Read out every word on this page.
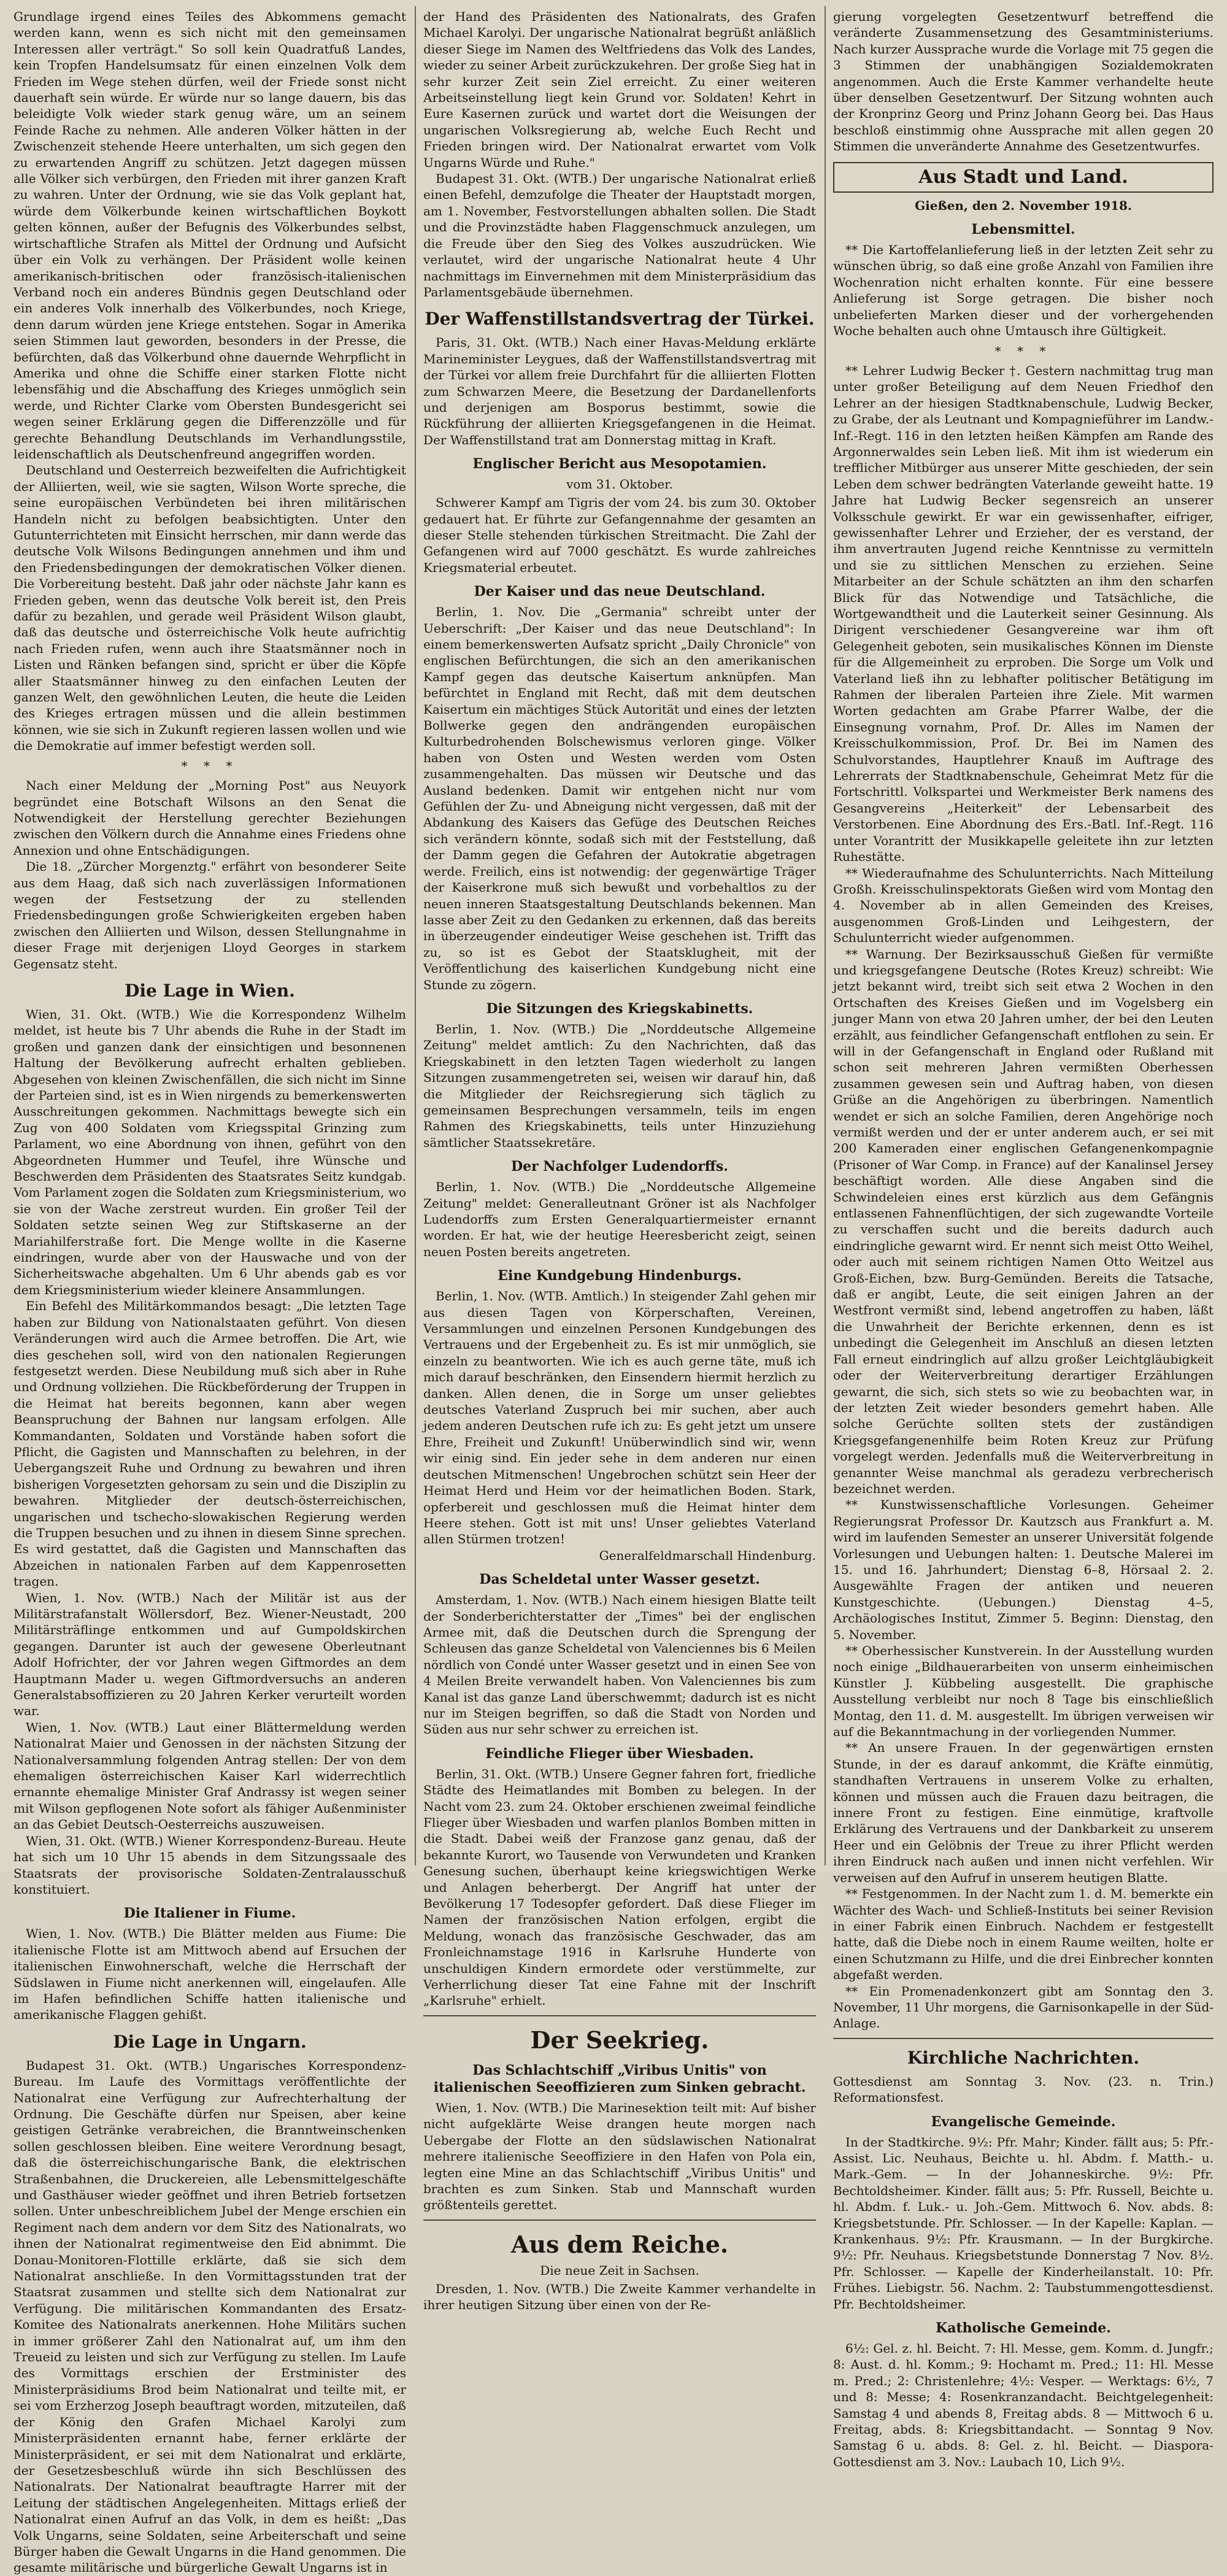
Grundlage irgend eines Teiles des Abkommens gemacht werden kann, wenn es sich nicht mit den gemeinsamen Interessen aller verträgt." So soll kein Quadratfuß Landes, kein Tropfen Handelsumsatz für einen einzelnen Volk dem Frieden im Wege stehen dürfen, weil der Friede sonst nicht dauerhaft sein würde. Er würde nur so lange dauern, bis das beleidigte Volk wieder stark genug wäre, um an seinem Feinde Rache zu nehmen. Alle anderen Völker hätten in der Zwischenzeit stehende Heere unterhalten, um sich gegen den zu erwartenden Angriff zu schützen. Jetzt dagegen müssen alle Völker sich verbürgen, den Frieden mit ihrer ganzen Kraft zu wahren. Unter der Ordnung, wie sie das Volk geplant hat, würde dem Völkerbunde keinen wirtschaftlichen Boykott gelten können, außer der Befugnis des Völkerbundes selbst, wirtschaftliche Strafen als Mittel der Ordnung und Aufsicht über ein Volk zu verhängen. Der Präsident wolle keinen amerikanisch-britischen oder französisch-italienischen Verband noch ein anderes Bündnis gegen Deutschland oder ein anderes Volk innerhalb des Völkerbundes, noch Kriege, denn darum würden jene Kriege entstehen. Sogar in Amerika seien Stimmen laut geworden, besonders in der Presse, die befürchten, daß das Völkerbund ohne dauernde Wehrpflicht in Amerika und ohne die Schiffe einer starken Flotte nicht lebensfähig und die Abschaffung des Krieges unmöglich sein werde, und Richter Clarke vom Obersten Bundesgericht sei wegen seiner Erklärung gegen die Differenzzölle und für gerechte Behandlung Deutschlands im Verhandlungsstile, leidenschaftlich als Deutschenfreund angegriffen worden.

Deutschland und Oesterreich bezweifelten die Aufrichtigkeit der Alliierten, weil, wie sie sagten, Wilson Worte spreche, die seine europäischen Verbündeten bei ihren militärischen Handeln nicht zu befolgen beabsichtigten. Unter den Gutunterrichteten mit Einsicht herrschen, mir dann werde das deutsche Volk Wilsons Bedingungen annehmen und ihm und den Friedensbedingungen der demokratischen Völker dienen. Die Vorbereitung besteht. Daß jahr oder nächste Jahr kann es Frieden geben, wenn das deutsche Volk bereit ist, den Preis dafür zu bezahlen, und gerade weil Präsident Wilson glaubt, daß das deutsche und österreichische Volk heute aufrichtig nach Frieden rufen, wenn auch ihre Staatsmänner noch in Listen und Ränken befangen sind, spricht er über die Köpfe aller Staatsmänner hinweg zu den einfachen Leuten der ganzen Welt, den gewöhnlichen Leuten, die heute die Leiden des Krieges ertragen müssen und die allein bestimmen können, wie sie sich in Zukunft regieren lassen wollen und wie die Demokratie auf immer befestigt werden soll.

* * *

Nach einer Meldung der „Morning Post" aus Neuyork begründet eine Botschaft Wilsons an den Senat die Notwendigkeit der Herstellung gerechter Beziehungen zwischen den Völkern durch die Annahme eines Friedens ohne Annexion und ohne Entschädigungen.

Die 18. „Zürcher Morgenztg." erfährt von besonderer Seite aus dem Haag, daß sich nach zuverlässigen Informationen wegen der Festsetzung der zu stellenden Friedensbedingungen große Schwierigkeiten ergeben haben zwischen den Alliierten und Wilson, dessen Stellungnahme in dieser Frage mit derjenigen Lloyd Georges in starkem Gegensatz steht.

Die Lage in Wien.

Wien, 31. Okt. (WTB.) Wie die Korrespondenz Wilhelm meldet, ist heute bis 7 Uhr abends die Ruhe in der Stadt im großen und ganzen dank der einsichtigen und besonnenen Haltung der Bevölkerung aufrecht erhalten geblieben. Abgesehen von kleinen Zwischenfällen, die sich nicht im Sinne der Parteien sind, ist es in Wien nirgends zu bemerkenswerten Ausschreitungen gekommen. Nachmittags bewegte sich ein Zug von 400 Soldaten vom Kriegsspital Grinzing zum Parlament, wo eine Abordnung von ihnen, geführt von den Abgeordneten Hummer und Teufel, ihre Wünsche und Beschwerden dem Präsidenten des Staatsrates Seitz kundgab. Vom Parlament zogen die Soldaten zum Kriegsministerium, wo sie von der Wache zerstreut wurden. Ein großer Teil der Soldaten setzte seinen Weg zur Stiftskaserne an der Mariahilferstraße fort. Die Menge wollte in die Kaserne eindringen, wurde aber von der Hauswache und von der Sicherheitswache abgehalten. Um 6 Uhr abends gab es vor dem Kriegsministerium wieder kleinere Ansammlungen.

Ein Befehl des Militärkommandos besagt: „Die letzten Tage haben zur Bildung von Nationalstaaten geführt. Von diesen Veränderungen wird auch die Armee betroffen. Die Art, wie dies geschehen soll, wird von den nationalen Regierungen festgesetzt werden. Diese Neubildung muß sich aber in Ruhe und Ordnung vollziehen. Die Rückbeförderung der Truppen in die Heimat hat bereits begonnen, kann aber wegen Beanspruchung der Bahnen nur langsam erfolgen. Alle Kommandanten, Soldaten und Vorstände haben sofort die Pflicht, die Gagisten und Mannschaften zu belehren, in der Uebergangszeit Ruhe und Ordnung zu bewahren und ihren bisherigen Vorgesetzten gehorsam zu sein und die Disziplin zu bewahren. Mitglieder der deutsch-österreichischen, ungarischen und tschecho-slowakischen Regierung werden die Truppen besuchen und zu ihnen in diesem Sinne sprechen. Es wird gestattet, daß die Gagisten und Mannschaften das Abzeichen in nationalen Farben auf dem Kappenrosetten tragen.

Wien, 1. Nov. (WTB.) Nach der Militär ist aus der Militärstrafanstalt Wöllersdorf, Bez. Wiener-Neustadt, 200 Militärsträflinge entkommen und auf Gumpoldskirchen gegangen. Darunter ist auch der gewesene Oberleutnant Adolf Hofrichter, der vor Jahren wegen Giftmordes an dem Hauptmann Mader u. wegen Giftmordversuchs an anderen Generalstabsoffizieren zu 20 Jahren Kerker verurteilt worden war.

Wien, 1. Nov. (WTB.) Laut einer Blättermeldung werden Nationalrat Maier und Genossen in der nächsten Sitzung der Nationalversammlung folgenden Antrag stellen: Der von dem ehemaligen österreichischen Kaiser Karl widerrechtlich ernannte ehemalige Minister Graf Andrassy ist wegen seiner mit Wilson gepflogenen Note sofort als fähiger Außenminister an das Gebiet Deutsch-Oesterreichs auszuweisen.

Wien, 31. Okt. (WTB.) Wiener Korrespondenz-Bureau. Heute hat sich um 10 Uhr 15 abends in dem Sitzungssaale des Staatsrats der provisorische Soldaten-Zentralausschuß konstituiert.

Die Italiener in Fiume.

Wien, 1. Nov. (WTB.) Die Blätter melden aus Fiume: Die italienische Flotte ist am Mittwoch abend auf Ersuchen der italienischen Einwohnerschaft, welche die Herrschaft der Südslawen in Fiume nicht anerkennen will, eingelaufen. Alle im Hafen befindlichen Schiffe hatten italienische und amerikanische Flaggen gehißt.

Die Lage in Ungarn.

Budapest 31. Okt. (WTB.) Ungarisches Korrespondenz-Bureau. Im Laufe des Vormittags veröffentlichte der Nationalrat eine Verfügung zur Aufrechterhaltung der Ordnung. Die Geschäfte dürfen nur Speisen, aber keine geistigen Getränke verabreichen, die Branntweinschenken sollen geschlossen bleiben. Eine weitere Verordnung besagt, daß die österreichischungarische Bank, die elektrischen Straßenbahnen, die Druckereien, alle Lebensmittelgeschäfte und Gasthäuser wieder geöffnet und ihren Betrieb fortsetzen sollen. Unter unbeschreiblichem Jubel der Menge erschien ein Regiment nach dem andern vor dem Sitz des Nationalrats, wo ihnen der Nationalrat regimentweise den Eid abnimmt. Die Donau-Monitoren-Flottille erklärte, daß sie sich dem Nationalrat anschließe. In den Vormittagsstunden trat der Staatsrat zusammen und stellte sich dem Nationalrat zur Verfügung. Die militärischen Kommandanten des Ersatz-Komitee des Nationalrats anerkennen. Hohe Militärs suchen in immer größerer Zahl den Nationalrat auf, um ihm den Treueid zu leisten und sich zur Verfügung zu stellen. Im Laufe des Vormittags erschien der Erstminister des Ministerpräsidiums Brod beim Nationalrat und teilte mit, er sei vom Erzherzog Joseph beauftragt worden, mitzuteilen, daß der König den Grafen Michael Karolyi zum Ministerpräsidenten ernannt habe, ferner erklärte der Ministerpräsident, er sei mit dem Nationalrat und erklärte, der Gesetzesbeschluß würde ihn sich Beschlüssen des Nationalrats. Der Nationalrat beauftragte Harrer mit der Leitung der städtischen Angelegenheiten. Mittags erließ der Nationalrat einen Aufruf an das Volk, in dem es heißt: „Das Volk Ungarns, seine Soldaten, seine Arbeiterschaft und seine Bürger haben die Gewalt Ungarns in die Hand genommen. Die gesamte militärische und bürgerliche Gewalt Ungarns ist in

der Hand des Präsidenten des Nationalrats, des Grafen Michael Karolyi. Der ungarische Nationalrat begrüßt anläßlich dieser Siege im Namen des Weltfriedens das Volk des Landes, wieder zu seiner Arbeit zurückzukehren. Der große Sieg hat in sehr kurzer Zeit sein Ziel erreicht. Zu einer weiteren Arbeitseinstellung liegt kein Grund vor. Soldaten! Kehrt in Eure Kasernen zurück und wartet dort die Weisungen der ungarischen Volksregierung ab, welche Euch Recht und Frieden bringen wird. Der Nationalrat erwartet vom Volk Ungarns Würde und Ruhe."

Budapest 31. Okt. (WTB.) Der ungarische Nationalrat erließ einen Befehl, demzufolge die Theater der Hauptstadt morgen, am 1. November, Festvorstellungen abhalten sollen. Die Stadt und die Provinzstädte haben Flaggenschmuck anzulegen, um die Freude über den Sieg des Volkes auszudrücken. Wie verlautet, wird der ungarische Nationalrat heute 4 Uhr nachmittags im Einvernehmen mit dem Ministerpräsidium das Parlamentsgebäude übernehmen.

Der Waffenstillstandsvertrag der Türkei.

Paris, 31. Okt. (WTB.) Nach einer Havas-Meldung erklärte Marineminister Leygues, daß der Waffenstillstandsvertrag mit der Türkei vor allem freie Durchfahrt für die alliierten Flotten zum Schwarzen Meere, die Besetzung der Dardanellenforts und derjenigen am Bosporus bestimmt, sowie die Rückführung der alliierten Kriegsgefangenen in die Heimat. Der Waffenstillstand trat am Donnerstag mittag in Kraft.

Englischer Bericht aus Mesopotamien.
vom 31. Oktober.

Schwerer Kampf am Tigris der vom 24. bis zum 30. Oktober gedauert hat. Er führte zur Gefangennahme der gesamten an dieser Stelle stehenden türkischen Streitmacht. Die Zahl der Gefangenen wird auf 7000 geschätzt. Es wurde zahlreiches Kriegsmaterial erbeutet.

Der Kaiser und das neue Deutschland.

Berlin, 1. Nov. Die „Germania" schreibt unter der Ueberschrift: „Der Kaiser und das neue Deutschland": In einem bemerkenswerten Aufsatz spricht „Daily Chronicle" von englischen Befürchtungen, die sich an den amerikanischen Kampf gegen das deutsche Kaisertum anknüpfen. Man befürchtet in England mit Recht, daß mit dem deutschen Kaisertum ein mächtiges Stück Autorität und eines der letzten Bollwerke gegen den andrängenden europäischen Kulturbedrohenden Bolschewismus verloren ginge. Völker haben von Osten und Westen werden vom Osten zusammengehalten. Das müssen wir Deutsche und das Ausland bedenken. Damit wir entgehen nicht nur vom Gefühlen der Zu- und Abneigung nicht vergessen, daß mit der Abdankung des Kaisers das Gefüge des Deutschen Reiches sich verändern könnte, sodaß sich mit der Feststellung, daß der Damm gegen die Gefahren der Autokratie abgetragen werde. Freilich, eins ist notwendig: der gegenwärtige Träger der Kaiserkrone muß sich bewußt und vorbehaltlos zu der neuen inneren Staatsgestaltung Deutschlands bekennen. Man lasse aber Zeit zu den Gedanken zu erkennen, daß das bereits in überzeugender eindeutiger Weise geschehen ist. Trifft das zu, so ist es Gebot der Staatsklugheit, mit der Veröffentlichung des kaiserlichen Kundgebung nicht eine Stunde zu zögern.

Die Sitzungen des Kriegskabinetts.

Berlin, 1. Nov. (WTB.) Die „Norddeutsche Allgemeine Zeitung" meldet amtlich: Zu den Nachrichten, daß das Kriegskabinett in den letzten Tagen wiederholt zu langen Sitzungen zusammengetreten sei, weisen wir darauf hin, daß die Mitglieder der Reichsregierung sich täglich zu gemeinsamen Besprechungen versammeln, teils im engen Rahmen des Kriegskabinetts, teils unter Hinzuziehung sämtlicher Staatssekretäre.

Der Nachfolger Ludendorffs.

Berlin, 1. Nov. (WTB.) Die „Norddeutsche Allgemeine Zeitung" meldet: Generalleutnant Gröner ist als Nachfolger Ludendorffs zum Ersten Generalquartiermeister ernannt worden. Er hat, wie der heutige Heeresbericht zeigt, seinen neuen Posten bereits angetreten.

Eine Kundgebung Hindenburgs.

Berlin, 1. Nov. (WTB. Amtlich.) In steigender Zahl gehen mir aus diesen Tagen von Körperschaften, Vereinen, Versammlungen und einzelnen Personen Kundgebungen des Vertrauens und der Ergebenheit zu. Es ist mir unmöglich, sie einzeln zu beantworten. Wie ich es auch gerne täte, muß ich mich darauf beschränken, den Einsendern hiermit herzlich zu danken. Allen denen, die in Sorge um unser geliebtes deutsches Vaterland Zuspruch bei mir suchen, aber auch jedem anderen Deutschen rufe ich zu: Es geht jetzt um unsere Ehre, Freiheit und Zukunft! Unüberwindlich sind wir, wenn wir einig sind. Ein jeder sehe in dem anderen nur einen deutschen Mitmenschen! Ungebrochen schützt sein Heer der Heimat Herd und Heim vor der heimatlichen Boden. Stark, opferbereit und geschlossen muß die Heimat hinter dem Heere stehen. Gott ist mit uns! Unser geliebtes Vaterland allen Stürmen trotzen!

Generalfeldmarschall Hindenburg.

Das Scheldetal unter Wasser gesetzt.

Amsterdam, 1. Nov. (WTB.) Nach einem hiesigen Blatte teilt der Sonderberichterstatter der „Times" bei der englischen Armee mit, daß die Deutschen durch die Sprengung der Schleusen das ganze Scheldetal von Valenciennes bis 6 Meilen nördlich von Condé unter Wasser gesetzt und in einen See von 4 Meilen Breite verwandelt haben. Von Valenciennes bis zum Kanal ist das ganze Land überschwemmt; dadurch ist es nicht nur im Steigen begriffen, so daß die Stadt von Norden und Süden aus nur sehr schwer zu erreichen ist.

Feindliche Flieger über Wiesbaden.

Berlin, 31. Okt. (WTB.) Unsere Gegner fahren fort, friedliche Städte des Heimatlandes mit Bomben zu belegen. In der Nacht vom 23. zum 24. Oktober erschienen zweimal feindliche Flieger über Wiesbaden und warfen planlos Bomben mitten in die Stadt. Dabei weiß der Franzose ganz genau, daß der bekannte Kurort, wo Tausende von Verwundeten und Kranken Genesung suchen, überhaupt keine kriegswichtigen Werke und Anlagen beherbergt. Der Angriff hat unter der Bevölkerung 17 Todesopfer gefordert. Daß diese Flieger im Namen der französischen Nation erfolgen, ergibt die Meldung, wonach das französische Geschwader, das am Fronleichnamstage 1916 in Karlsruhe Hunderte von unschuldigen Kindern ermordete oder verstümmelte, zur Verherrlichung dieser Tat eine Fahne mit der Inschrift „Karlsruhe" erhielt.

Der Seekrieg.
Das Schlachtschiff „Viribus Unitis" von italienischen Seeoffizieren zum Sinken gebracht.

Wien, 1. Nov. (WTB.) Die Marinesektion teilt mit: Auf bisher nicht aufgeklärte Weise drangen heute morgen nach Uebergabe der Flotte an den südslawischen Nationalrat mehrere italienische Seeoffiziere in den Hafen von Pola ein, legten eine Mine an das Schlachtschiff „Viribus Unitis" und brachten es zum Sinken. Stab und Mannschaft wurden größtenteils gerettet.

Aus dem Reiche.
Die neue Zeit in Sachsen.

Dresden, 1. Nov. (WTB.) Die Zweite Kammer verhandelte in ihrer heutigen Sitzung über einen von der Re-

gierung vorgelegten Gesetzentwurf betreffend die veränderte Zusammensetzung des Gesamtministeriums. Nach kurzer Aussprache wurde die Vorlage mit 75 gegen die 3 Stimmen der unabhängigen Sozialdemokraten angenommen. Auch die Erste Kammer verhandelte heute über denselben Gesetzentwurf. Der Sitzung wohnten auch der Kronprinz Georg und Prinz Johann Georg bei. Das Haus beschloß einstimmig ohne Aussprache mit allen gegen 20 Stimmen die unveränderte Annahme des Gesetzentwurfes.

Aus Stadt und Land.
Gießen, den 2. November 1918.
Lebensmittel.

** Die Kartoffelanlieferung ließ in der letzten Zeit sehr zu wünschen übrig, so daß eine große Anzahl von Familien ihre Wochenration nicht erhalten konnte. Für eine bessere Anlieferung ist Sorge getragen. Die bisher noch unbelieferten Marken dieser und der vorhergehenden Woche behalten auch ohne Umtausch ihre Gültigkeit.

* * *

** Lehrer Ludwig Becker †. Gestern nachmittag trug man unter großer Beteiligung auf dem Neuen Friedhof den Lehrer an der hiesigen Stadtknabenschule, Ludwig Becker, zu Grabe, der als Leutnant und Kompagnieführer im Landw.-Inf.-Regt. 116 in den letzten heißen Kämpfen am Rande des Argonnerwaldes sein Leben ließ. Mit ihm ist wiederum ein trefflicher Mitbürger aus unserer Mitte geschieden, der sein Leben dem schwer bedrängten Vaterlande geweiht hatte. 19 Jahre hat Ludwig Becker segensreich an unserer Volksschule gewirkt. Er war ein gewissenhafter, eifriger, gewissenhafter Lehrer und Erzieher, der es verstand, der ihm anvertrauten Jugend reiche Kenntnisse zu vermitteln und sie zu sittlichen Menschen zu erziehen. Seine Mitarbeiter an der Schule schätzten an ihm den scharfen Blick für das Notwendige und Tatsächliche, die Wortgewandtheit und die Lauterkeit seiner Gesinnung. Als Dirigent verschiedener Gesangvereine war ihm oft Gelegenheit geboten, sein musikalisches Können im Dienste für die Allgemeinheit zu erproben. Die Sorge um Volk und Vaterland ließ ihn zu lebhafter politischer Betätigung im Rahmen der liberalen Parteien ihre Ziele. Mit warmen Worten gedachten am Grabe Pfarrer Walbe, der die Einsegnung vornahm, Prof. Dr. Alles im Namen der Kreisschulkommission, Prof. Dr. Bei im Namen des Schulvorstandes, Hauptlehrer Knauß im Auftrage des Lehrerrats der Stadtknabenschule, Geheimrat Metz für die Fortschrittl. Volkspartei und Werkmeister Berk namens des Gesangvereins „Heiterkeit" der Lebensarbeit des Verstorbenen. Eine Abordnung des Ers.-Batl. Inf.-Regt. 116 unter Vorantritt der Musikkapelle geleitete ihn zur letzten Ruhestätte.

** Wiederaufnahme des Schulunterrichts. Nach Mitteilung Großh. Kreisschulinspektorats Gießen wird vom Montag den 4. November ab in allen Gemeinden des Kreises, ausgenommen Groß-Linden und Leihgestern, der Schulunterricht wieder aufgenommen.

** Warnung. Der Bezirksausschuß Gießen für vermißte und kriegsgefangene Deutsche (Rotes Kreuz) schreibt: Wie jetzt bekannt wird, treibt sich seit etwa 2 Wochen in den Ortschaften des Kreises Gießen und im Vogelsberg ein junger Mann von etwa 20 Jahren umher, der bei den Leuten erzählt, aus feindlicher Gefangenschaft entflohen zu sein. Er will in der Gefangenschaft in England oder Rußland mit schon seit mehreren Jahren vermißten Oberhessen zusammen gewesen sein und Auftrag haben, von diesen Grüße an die Angehörigen zu überbringen. Namentlich wendet er sich an solche Familien, deren Angehörige noch vermißt werden und der er unter anderem auch, er sei mit 200 Kameraden einer englischen Gefangenenkompagnie (Prisoner of War Comp. in France) auf der Kanalinsel Jersey beschäftigt worden. Alle diese Angaben sind die Schwindeleien eines erst kürzlich aus dem Gefängnis entlassenen Fahnenflüchtigen, der sich zugewandte Vorteile zu verschaffen sucht und die bereits dadurch auch eindringliche gewarnt wird. Er nennt sich meist Otto Weihel, oder auch mit seinem richtigen Namen Otto Weitzel aus Groß-Eichen, bzw. Burg-Gemünden. Bereits die Tatsache, daß er angibt, Leute, die seit einigen Jahren an der Westfront vermißt sind, lebend angetroffen zu haben, läßt die Unwahrheit der Berichte erkennen, denn es ist unbedingt die Gelegenheit im Anschluß an diesen letzten Fall erneut eindringlich auf allzu großer Leichtgläubigkeit oder der Weiterverbreitung derartiger Erzählungen gewarnt, die sich, sich stets so wie zu beobachten war, in der letzten Zeit wieder besonders gemehrt haben. Alle solche Gerüchte sollten stets der zuständigen Kriegsgefangenenhilfe beim Roten Kreuz zur Prüfung vorgelegt werden. Jedenfalls muß die Weiterverbreitung in genannter Weise manchmal als geradezu verbrecherisch bezeichnet werden.

** Kunstwissenschaftliche Vorlesungen. Geheimer Regierungsrat Professor Dr. Kautzsch aus Frankfurt a. M. wird im laufenden Semester an unserer Universität folgende Vorlesungen und Uebungen halten: 1. Deutsche Malerei im 15. und 16. Jahrhundert; Dienstag 6–8, Hörsaal 2. 2. Ausgewählte Fragen der antiken und neueren Kunstgeschichte. (Uebungen.) Dienstag 4–5, Archäologisches Institut, Zimmer 5. Beginn: Dienstag, den 5. November.

** Oberhessischer Kunstverein. In der Ausstellung wurden noch einige „Bildhauerarbeiten von unserm einheimischen Künstler J. Kübbeling ausgestellt. Die graphische Ausstellung verbleibt nur noch 8 Tage bis einschließlich Montag, den 11. d. M. ausgestellt. Im übrigen verweisen wir auf die Bekanntmachung in der vorliegenden Nummer.

** An unsere Frauen. In der gegenwärtigen ernsten Stunde, in der es darauf ankommt, die Kräfte einmütig, standhaften Vertrauens in unserem Volke zu erhalten, können und müssen auch die Frauen dazu beitragen, die innere Front zu festigen. Eine einmütige, kraftvolle Erklärung des Vertrauens und der Dankbarkeit zu unserem Heer und ein Gelöbnis der Treue zu ihrer Pflicht werden ihren Eindruck nach außen und innen nicht verfehlen. Wir verweisen auf den Aufruf in unserem heutigen Blatte.

** Festgenommen. In der Nacht zum 1. d. M. bemerkte ein Wächter des Wach- und Schließ-Instituts bei seiner Revision in einer Fabrik einen Einbruch. Nachdem er festgestellt hatte, daß die Diebe noch in einem Raume weilten, holte er einen Schutzmann zu Hilfe, und die drei Einbrecher konnten abgefaßt werden.

** Ein Promenadenkonzert gibt am Sonntag den 3. November, 11 Uhr morgens, die Garnisonkapelle in der Süd-Anlage.

Kirchliche Nachrichten.

Gottesdienst am Sonntag 3. Nov. (23. n. Trin.) Reformationsfest.

Evangelische Gemeinde.

In der Stadtkirche. 9½: Pfr. Mahr; Kinder. fällt aus; 5: Pfr.-Assist. Lic. Neuhaus, Beichte u. hl. Abdm. f. Matth.- u. Mark.-Gem. — In der Johanneskirche. 9½: Pfr. Bechtoldsheimer. Kinder. fällt aus; 5: Pfr. Russell, Beichte u. hl. Abdm. f. Luk.- u. Joh.-Gem. Mittwoch 6. Nov. abds. 8: Kriegsbetstunde. Pfr. Schlosser. — In der Kapelle: Kaplan. — Krankenhaus. 9½: Pfr. Krausmann. — In der Burgkirche. 9½: Pfr. Neuhaus. Kriegsbetstunde Donnerstag 7 Nov. 8½. Pfr. Schlosser. — Kapelle der Kinderheilanstalt. 10: Pfr. Frühes. Liebigstr. 56. Nachm. 2: Taubstummengottesdienst. Pfr. Bechtoldsheimer.

Katholische Gemeinde.

6½: Gel. z. hl. Beicht. 7: Hl. Messe, gem. Komm. d. Jungfr.; 8: Aust. d. hl. Komm.; 9: Hochamt m. Pred.; 11: Hl. Messe m. Pred.; 2: Christenlehre; 4½: Vesper. — Werktags: 6½, 7 und 8: Messe; 4: Rosenkranzandacht. Beichtgelegenheit: Samstag 4 und abends 8, Freitag abds. 8 — Mittwoch 6 u. Freitag, abds. 8: Kriegsbittandacht. — Sonntag 9 Nov. Samstag 6 u. abds. 8: Gel. z. hl. Beicht. — Diaspora-Gottesdienst am 3. Nov.: Laubach 10, Lich 9½.
